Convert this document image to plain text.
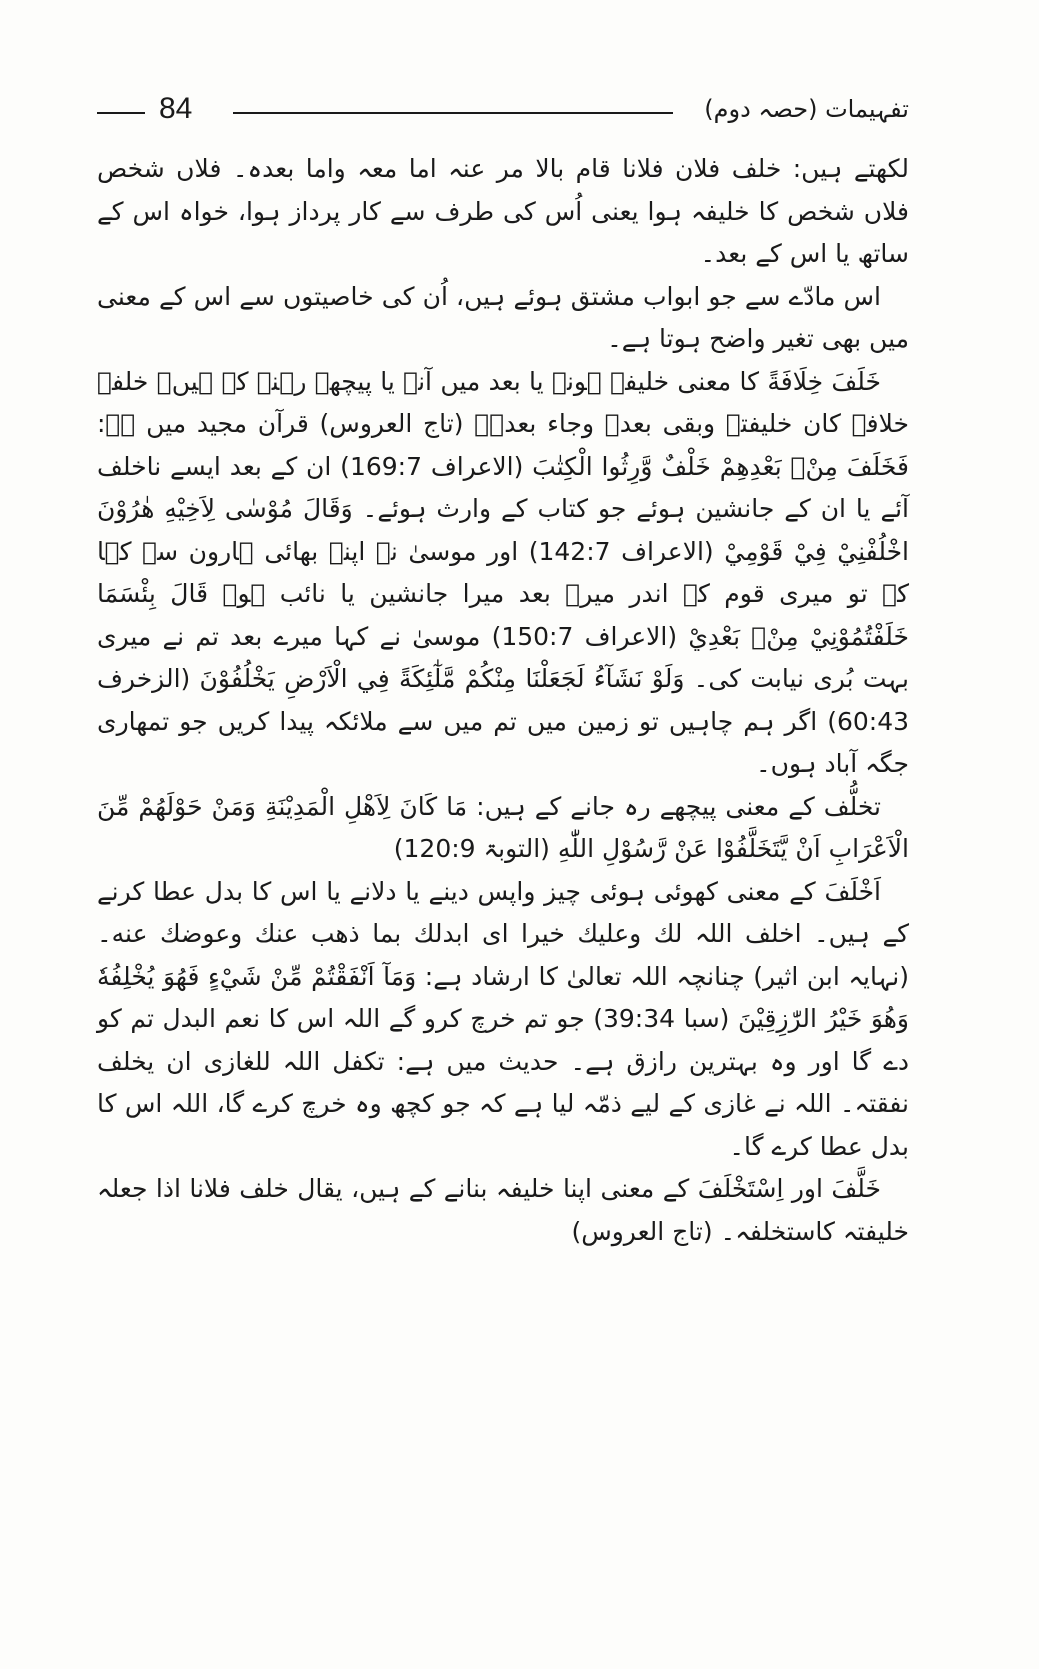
84	تفہیمات (حصہ دوم)

لکھتے ہیں: خلف فلان فلانا قام بالا مر عنہ اما معہ واما بعدہ۔ فلاں شخص فلاں شخص کا خلیفہ ہوا یعنی اُس کی طرف سے کار پرداز ہوا، خواہ اس کے ساتھ یا اس کے بعد۔

اس مادّے سے جو ابواب مشتق ہوئے ہیں، اُن کی خاصیتوں سے اس کے معنی میں بھی تغیر واضح ہوتا ہے۔

خَلَفَ خِلَافَةً کا معنی خلیفہ ہونے یا بعد میں آنے یا پیچھے رہنے کے ہیں۔ خلفہ خلافۃ کان خلیفتہ وبقی بعدہ وجاء بعدہ۔ (تاج العروس) قرآن مجید میں ہے: فَخَلَفَ مِنْۢ بَعْدِهِمْ خَلْفٌ وَّرِثُوا الْكِتٰبَ (الاعراف 169:7) ان کے بعد ایسے ناخلف آئے یا ان کے جانشین ہوئے جو کتاب کے وارث ہوئے۔ وَقَالَ مُوْسٰى لِاَخِيْهِ هٰرُوْنَ اخْلُفْنِيْ فِيْ قَوْمِيْ (الاعراف 142:7) اور موسیٰ نے اپنے بھائی ہارون سے کہا کہ تو میری قوم کے اندر میرے بعد میرا جانشین یا نائب ہو۔ قَالَ بِئْسَمَا خَلَفْتُمُوْنِيْ مِنْۢ بَعْدِيْ (الاعراف 150:7) موسیٰ نے کہا میرے بعد تم نے میری بہت بُری نیابت کی۔ وَلَوْ نَشَآءُ لَجَعَلْنَا مِنْكُمْ مَّلٰٓئِكَةً فِي الْاَرْضِ يَخْلُفُوْنَ (الزخرف 60:43) اگر ہم چاہیں تو زمین میں تم میں سے ملائکہ پیدا کریں جو تمھاری جگہ آباد ہوں۔

تخلُّف کے معنی پیچھے رہ جانے کے ہیں: مَا كَانَ لِاَهْلِ الْمَدِيْنَةِ وَمَنْ حَوْلَهُمْ مِّنَ الْاَعْرَابِ اَنْ يَّتَخَلَّفُوْا عَنْ رَّسُوْلِ اللّٰهِ (التوبۃ 120:9)

اَخْلَفَ کے معنی کھوئی ہوئی چیز واپس دینے یا دلانے یا اس کا بدل عطا کرنے کے ہیں۔ اخلف اللہ لك وعليك خيرا اى ابدلك بما ذهب عنك وعوضك عنه۔ (نہایہ ابن اثیر) چنانچہ اللہ تعالیٰ کا ارشاد ہے: وَمَآ اَنْفَقْتُمْ مِّنْ شَيْءٍ فَهُوَ يُخْلِفُهٗ وَهُوَ خَيْرُ الرّٰزِقِيْنَ (سبا 39:34) جو تم خرچ کرو گے اللہ اس کا نعم البدل تم کو دے گا اور وہ بہترین رازق ہے۔ حدیث میں ہے: تکفل اللہ للغازی ان یخلف نفقتہ۔ اللہ نے غازی کے لیے ذمّہ لیا ہے کہ جو کچھ وہ خرچ کرے گا، اللہ اس کا بدل عطا کرے گا۔

خَلَّفَ اور اِسْتَخْلَفَ کے معنی اپنا خلیفہ بنانے کے ہیں، یقال خلف فلانا اذا جعلہ خلیفتہ کاستخلفہ۔ (تاج العروس)
